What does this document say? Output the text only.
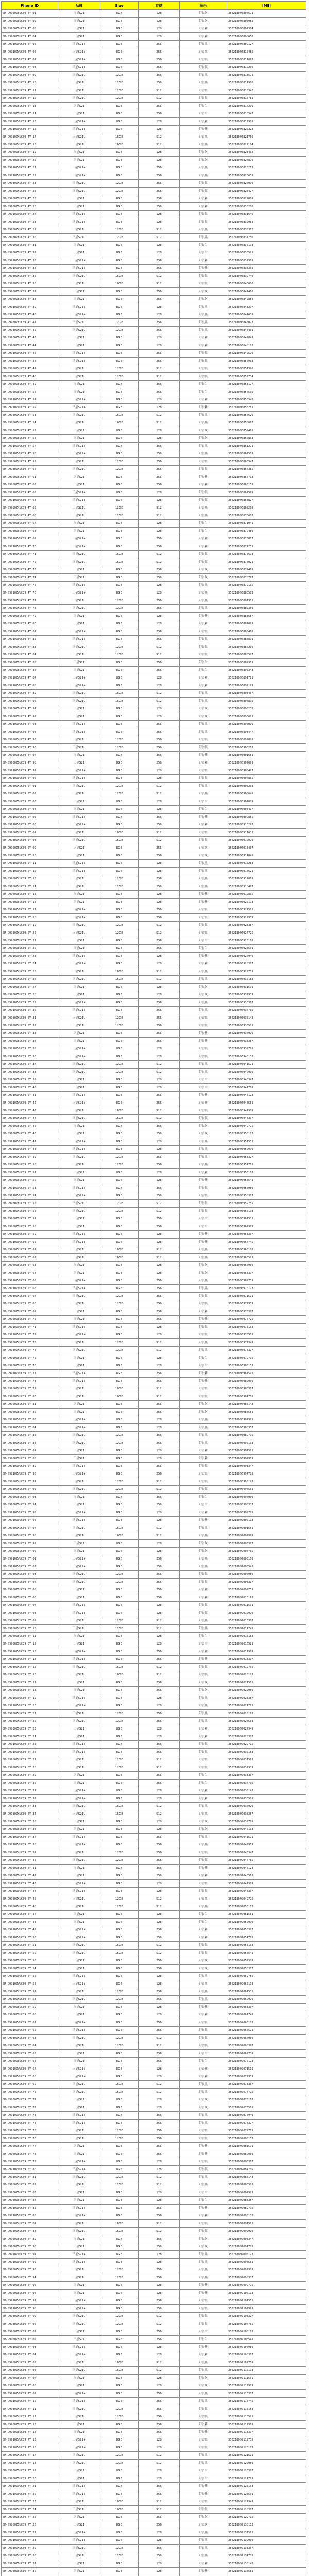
Phone ID	品牌	Size	存储	颜色	IMEI
SM-G9900ZBUCE9 4Y 01	三星S21	8GB	128	幻影灰	356218096804571
SM-G9900ZBUCE9 4Y 02	三星S21	8GB	128	幻影灰	356218096805982
SM-G9900ZBUCE9 4Y 03	三星S21	8GB	128	幻影紫	356218096807314
SM-G9900ZBUCE9 4Y 04	三星S21	8GB	128	幻影紫	356218096808650
SM-G9910ZWUCE9 4Y 05	三星S21+	8GB	256	幻影黑	356218096809127
SM-G9910ZWUCE9 4Y 06	三星S21+	8GB	256	幻影黑	356218096810455
SM-G9910ZWUCE9 4Y 07	三星S21+	8GB	256	幻影银	356218096811893
SM-G9910ZWUCE9 4Y 08	三星S21+	8GB	256	幻影银	356218096812236
SM-G9980ZKUCE9 4Y 09	三星S21U	12GB	256	幻影黑	356218096813574
SM-G9980ZKUCE9 4Y 10	三星S21U	12GB	256	幻影黑	356218096814908
SM-G9980ZKUCE9 4Y 11	三星S21U	12GB	512	幻影银	356218096815342
SM-G9980ZKUCE9 4Y 12	三星S21U	12GB	512	幻影银	356218096816781
SM-G9900ZBUCE9 4Y 13	三星S21	8GB	256	幻影白	356218096817219
SM-G9900ZBUCE9 4Y 14	三星S21	8GB	256	幻影白	356218096818547
SM-G9910ZWUCE9 4Y 15	三星S21+	8GB	128	幻影紫	356218096819985
SM-G9910ZWUCE9 4Y 16	三星S21+	8GB	128	幻影紫	356218096820328
SM-G9980ZKUCE9 4Y 17	三星S21U	16GB	512	幻影黑	356218096821766
SM-G9980ZKUCE9 4Y 18	三星S21U	16GB	512	幻影黑	356218096822104
SM-G9900ZBUCE9 4Y 19	三星S21	8GB	128	幻影灰	356218096823432
SM-G9900ZBUCE9 4Y 20	三星S21	8GB	128	幻影灰	356218096824870
SM-G9910ZWUCE9 4Y 21	三星S21+	8GB	256	幻影黑	356218096825213
SM-G9910ZWUCE9 4Y 22	三星S21+	8GB	256	幻影黑	356218096826651
SM-G9980ZKUCE9 4Y 23	三星S21U	12GB	256	幻影银	356218096827099
SM-G9980ZKUCE9 4Y 24	三星S21U	12GB	256	幻影银	356218096828427
SM-G9900ZBUCE9 4Y 25	三星S21	8GB	256	幻影紫	356218096829865
SM-G9900ZBUCE9 4Y 26	三星S21	8GB	256	幻影紫	356218096830208
SM-G9910ZWUCE9 4Y 27	三星S21+	8GB	128	幻影银	356218096831646
SM-G9910ZWUCE9 4Y 28	三星S21+	8GB	128	幻影银	356218096832984
SM-G9980ZKUCE9 4Y 29	三星S21U	12GB	512	幻影黑	356218096833312
SM-G9980ZKUCE9 4Y 30	三星S21U	12GB	512	幻影黑	356218096834750
SM-G9900ZBUCE9 4Y 31	三星S21	8GB	128	幻影白	356218096835193
SM-G9900ZBUCE9 4Y 32	三星S21	8GB	128	幻影白	356218096836521
SM-G9910ZWUCE9 4Y 33	三星S21+	8GB	256	幻影紫	356218096837969
SM-G9910ZWUCE9 4Y 34	三星S21+	8GB	256	幻影紫	356218096838302
SM-G9980ZKUCE9 4Y 35	三星S21U	16GB	512	幻影银	356218096839740
SM-G9980ZKUCE9 4Y 36	三星S21U	16GB	512	幻影银	356218096840088
SM-G9900ZBUCE9 4Y 37	三星S21	8GB	256	幻影灰	356218096841416
SM-G9900ZBUCE9 4Y 38	三星S21	8GB	256	幻影灰	356218096842854
SM-G9910ZWUCE9 4Y 39	三星S21+	8GB	128	幻影黑	356218096843297
SM-G9910ZWUCE9 4Y 40	三星S21+	8GB	128	幻影黑	356218096844635
SM-G9980ZKUCE9 4Y 41	三星S21U	12GB	256	幻影黑	356218096845073
SM-G9980ZKUCE9 4Y 42	三星S21U	12GB	256	幻影黑	356218096846401
SM-G9900ZBUCE9 4Y 43	三星S21	8GB	128	幻影紫	356218096847849
SM-G9900ZBUCE9 4Y 44	三星S21	8GB	128	幻影紫	356218096848182
SM-G9910ZWUCE9 4Y 45	三星S21+	8GB	256	幻影银	356218096849520
SM-G9910ZWUCE9 4Y 46	三星S21+	8GB	256	幻影银	356218096850968
SM-G9980ZKUCE9 4Y 47	三星S21U	12GB	512	幻影银	356218096851396
SM-G9980ZKUCE9 4Y 48	三星S21U	12GB	512	幻影银	356218096852734
SM-G9900ZBUCE9 4Y 49	三星S21	8GB	256	幻影白	356218096853177
SM-G9900ZBUCE9 4Y 50	三星S21	8GB	256	幻影白	356218096854505
SM-G9910ZWUCE9 4Y 51	三星S21+	8GB	128	幻影紫	356218096855943
SM-G9910ZWUCE9 4Y 52	三星S21+	8GB	128	幻影紫	356218096856281
SM-G9980ZKUCE9 4Y 53	三星S21U	16GB	512	幻影黑	356218096857629
SM-G9980ZKUCE9 4Y 54	三星S21U	16GB	512	幻影黑	356218096858067
SM-G9900ZBUCE9 4Y 55	三星S21	8GB	128	幻影灰	356218096859495
SM-G9900ZBUCE9 4Y 56	三星S21	8GB	128	幻影灰	356218096860833
SM-G9910ZWUCE9 4Y 57	三星S21+	8GB	256	幻影黑	356218096861271
SM-G9910ZWUCE9 4Y 58	三星S21+	8GB	256	幻影黑	356218096862509
SM-G9980ZKUCE9 4Y 59	三星S21U	12GB	256	幻影银	356218096863947
SM-G9980ZKUCE9 4Y 60	三星S21U	12GB	256	幻影银	356218096864385
SM-G9900ZBUCE9 4Y 61	三星S21	8GB	256	幻影紫	356218096865713
SM-G9900ZBUCE9 4Y 62	三星S21	8GB	256	幻影紫	356218096866151
SM-G9910ZWUCE9 4Y 63	三星S21+	8GB	128	幻影银	356218096867599
SM-G9910ZWUCE9 4Y 64	三星S21+	8GB	128	幻影银	356218096868827
SM-G9980ZKUCE9 4Y 65	三星S21U	12GB	512	幻影黑	356218096869265
SM-G9980ZKUCE9 4Y 66	三星S21U	12GB	512	幻影黑	356218096870603
SM-G9900ZBUCE9 4Y 67	三星S21	8GB	128	幻影白	356218096871041
SM-G9900ZBUCE9 4Y 68	三星S21	8GB	128	幻影白	356218096872489
SM-G9910ZWUCE9 4Y 69	三星S21+	8GB	256	幻影紫	356218096873817
SM-G9910ZWUCE9 4Y 70	三星S21+	8GB	256	幻影紫	356218096874255
SM-G9980ZKUCE9 4Y 71	三星S21U	16GB	512	幻影银	356218096875693
SM-G9980ZKUCE9 4Y 72	三星S21U	16GB	512	幻影银	356218096876021
SM-G9900ZBUCE9 4Y 73	三星S21	8GB	256	幻影灰	356218096877469
SM-G9900ZBUCE9 4Y 74	三星S21	8GB	256	幻影灰	356218096878797
SM-G9910ZWUCE9 4Y 75	三星S21+	8GB	128	幻影黑	356218096879135
SM-G9910ZWUCE9 4Y 76	三星S21+	8GB	128	幻影黑	356218096880573
SM-G9980ZKUCE9 4Y 77	三星S21U	12GB	256	幻影黑	356218096881911
SM-G9980ZKUCE9 4Y 78	三星S21U	12GB	256	幻影黑	356218096882359
SM-G9900ZBUCE9 4Y 79	三星S21	8GB	128	幻影紫	356218096883687
SM-G9900ZBUCE9 4Y 80	三星S21	8GB	128	幻影紫	356218096884025
SM-G9910ZWUCE9 4Y 81	三星S21+	8GB	256	幻影银	356218096885463
SM-G9910ZWUCE9 4Y 82	三星S21+	8GB	256	幻影银	356218096886891
SM-G9980ZKUCE9 4Y 83	三星S21U	12GB	512	幻影银	356218096887239
SM-G9980ZKUCE9 4Y 84	三星S21U	12GB	512	幻影银	356218096888577
SM-G9900ZBUCE9 4Y 85	三星S21	8GB	256	幻影白	356218096889915
SM-G9900ZBUCE9 4Y 86	三星S21	8GB	256	幻影白	356218096890343
SM-G9910ZWUCE9 4Y 87	三星S21+	8GB	128	幻影紫	356218096891781
SM-G9910ZWUCE9 4Y 88	三星S21+	8GB	128	幻影紫	356218096892129
SM-G9980ZKUCE9 4Y 89	三星S21U	16GB	512	幻影黑	356218096893467
SM-G9980ZKUCE9 4Y 90	三星S21U	16GB	512	幻影黑	356218096894895
SM-G9900ZBUCE9 4Y 91	三星S21	8GB	128	幻影灰	356218096895233
SM-G9900ZBUCE9 4Y 92	三星S21	8GB	128	幻影灰	356218096896671
SM-G9910ZWUCE9 4Y 93	三星S21+	8GB	256	幻影黑	356218096897019
SM-G9910ZWUCE9 4Y 94	三星S21+	8GB	256	幻影黑	356218096898447
SM-G9980ZKUCE9 4Y 95	三星S21U	12GB	256	幻影银	356218096899885
SM-G9980ZKUCE9 4Y 96	三星S21U	12GB	256	幻影银	356218096900213
SM-G9900ZBUCE9 4Y 97	三星S21	8GB	256	幻影紫	356218096901651
SM-G9900ZBUCE9 4Y 98	三星S21	8GB	256	幻影紫	356218096902099
SM-G9910ZWUCE9 4Y 99	三星S21+	8GB	128	幻影银	356218096903427
SM-G9910ZWUCE9 5Y 00	三星S21+	8GB	128	幻影银	356218096904865
SM-G9980ZKUCE9 5Y 01	三星S21U	12GB	512	幻影黑	356218096905203
SM-G9980ZKUCE9 5Y 02	三星S21U	12GB	512	幻影黑	356218096906641
SM-G9900ZBUCE9 5Y 03	三星S21	8GB	128	幻影白	356218096907089
SM-G9900ZBUCE9 5Y 04	三星S21	8GB	128	幻影白	356218096908417
SM-G9910ZWUCE9 5Y 05	三星S21+	8GB	256	幻影紫	356218096909855
SM-G9910ZWUCE9 5Y 06	三星S21+	8GB	256	幻影紫	356218096910293
SM-G9980ZKUCE9 5Y 07	三星S21U	16GB	512	幻影银	356218096911631
SM-G9980ZKUCE9 5Y 08	三星S21U	16GB	512	幻影银	356218096912079
SM-G9900ZBUCE9 5Y 09	三星S21	8GB	256	幻影灰	356218096913407
SM-G9900ZBUCE9 5Y 10	三星S21	8GB	256	幻影灰	356218096914845
SM-G9910ZWUCE9 5Y 11	三星S21+	8GB	128	幻影黑	356218096915283
SM-G9910ZWUCE9 5Y 12	三星S21+	8GB	128	幻影黑	356218096916621
SM-G9980ZKUCE9 5Y 13	三星S21U	12GB	256	幻影黑	356218096917069
SM-G9980ZKUCE9 5Y 14	三星S21U	12GB	256	幻影黑	356218096918497
SM-G9900ZBUCE9 5Y 15	三星S21	8GB	128	幻影紫	356218096919835
SM-G9900ZBUCE9 5Y 16	三星S21	8GB	128	幻影紫	356218096920173
SM-G9910ZWUCE9 5Y 17	三星S21+	8GB	256	幻影银	356218096921511
SM-G9910ZWUCE9 5Y 18	三星S21+	8GB	256	幻影银	356218096922959
SM-G9980ZKUCE9 5Y 19	三星S21U	12GB	512	幻影银	356218096923387
SM-G9980ZKUCE9 5Y 20	三星S21U	12GB	512	幻影银	356218096924725
SM-G9900ZBUCE9 5Y 21	三星S21	8GB	256	幻影白	356218096925163
SM-G9900ZBUCE9 5Y 22	三星S21	8GB	256	幻影白	356218096926501
SM-G9910ZWUCE9 5Y 23	三星S21+	8GB	128	幻影紫	356218096927949
SM-G9910ZWUCE9 5Y 24	三星S21+	8GB	128	幻影紫	356218096928377
SM-G9980ZKUCE9 5Y 25	三星S21U	16GB	512	幻影黑	356218096929715
SM-G9980ZKUCE9 5Y 26	三星S21U	16GB	512	幻影黑	356218096930153
SM-G9900ZBUCE9 5Y 27	三星S21	8GB	128	幻影灰	356218096931591
SM-G9900ZBUCE9 5Y 28	三星S21	8GB	128	幻影灰	356218096932939
SM-G9910ZWUCE9 5Y 29	三星S21+	8GB	256	幻影黑	356218096933367
SM-G9910ZWUCE9 5Y 30	三星S21+	8GB	256	幻影黑	356218096934705
SM-G9980ZKUCE9 5Y 31	三星S21U	12GB	256	幻影银	356218096935143
SM-G9980ZKUCE9 5Y 32	三星S21U	12GB	256	幻影银	356218096936581
SM-G9900ZBUCE9 5Y 33	三星S21	8GB	256	幻影紫	356218096937929
SM-G9900ZBUCE9 5Y 34	三星S21	8GB	256	幻影紫	356218096938357
SM-G9910ZWUCE9 5Y 35	三星S21+	8GB	128	幻影银	356218096939795
SM-G9910ZWUCE9 5Y 36	三星S21+	8GB	128	幻影银	356218096940133
SM-G9980ZKUCE9 5Y 37	三星S21U	12GB	512	幻影黑	356218096941571
SM-G9980ZKUCE9 5Y 38	三星S21U	12GB	512	幻影黑	356218096942919
SM-G9900ZBUCE9 5Y 39	三星S21	8GB	128	幻影白	356218096943347
SM-G9900ZBUCE9 5Y 40	三星S21	8GB	128	幻影白	356218096944785
SM-G9910ZWUCE9 5Y 41	三星S21+	8GB	256	幻影紫	356218096945123
SM-G9910ZWUCE9 5Y 42	三星S21+	8GB	256	幻影紫	356218096946561
SM-G9980ZKUCE9 5Y 43	三星S21U	16GB	512	幻影银	356218096947909
SM-G9980ZKUCE9 5Y 44	三星S21U	16GB	512	幻影银	356218096948337
SM-G9900ZBUCE9 5Y 45	三星S21	8GB	256	幻影灰	356218096949775
SM-G9900ZBUCE9 5Y 46	三星S21	8GB	256	幻影灰	356218096950113
SM-G9910ZWUCE9 5Y 47	三星S21+	8GB	128	幻影黑	356218096951551
SM-G9910ZWUCE9 5Y 48	三星S21+	8GB	128	幻影黑	356218096952999
SM-G9980ZKUCE9 5Y 49	三星S21U	12GB	256	幻影黑	356218096953327
SM-G9980ZKUCE9 5Y 50	三星S21U	12GB	256	幻影黑	356218096954765
SM-G9900ZBUCE9 5Y 51	三星S21	8GB	128	幻影紫	356218096955103
SM-G9900ZBUCE9 5Y 52	三星S21	8GB	128	幻影紫	356218096956541
SM-G9910ZWUCE9 5Y 53	三星S21+	8GB	256	幻影银	356218096957989
SM-G9910ZWUCE9 5Y 54	三星S21+	8GB	256	幻影银	356218096958317
SM-G9980ZKUCE9 5Y 55	三星S21U	12GB	512	幻影银	356218096959755
SM-G9980ZKUCE9 5Y 56	三星S21U	12GB	512	幻影银	356218096960193
SM-G9900ZBUCE9 5Y 57	三星S21	8GB	256	幻影白	356218096961531
SM-G9900ZBUCE9 5Y 58	三星S21	8GB	256	幻影白	356218096962979
SM-G9910ZWUCE9 5Y 59	三星S21+	8GB	128	幻影紫	356218096963307
SM-G9910ZWUCE9 5Y 60	三星S21+	8GB	128	幻影紫	356218096964745
SM-G9980ZKUCE9 5Y 61	三星S21U	16GB	512	幻影黑	356218096965183
SM-G9980ZKUCE9 5Y 62	三星S21U	16GB	512	幻影黑	356218096966521
SM-G9900ZBUCE9 5Y 63	三星S21	8GB	128	幻影灰	356218096967969
SM-G9900ZBUCE9 5Y 64	三星S21	8GB	128	幻影灰	356218096968397
SM-G9910ZWUCE9 5Y 65	三星S21+	8GB	256	幻影黑	356218096969735
SM-G9910ZWUCE9 5Y 66	三星S21+	8GB	256	幻影黑	356218096970173
SM-G9980ZKUCE9 5Y 67	三星S21U	12GB	256	幻影银	356218096971511
SM-G9980ZKUCE9 5Y 68	三星S21U	12GB	256	幻影银	356218096972959
SM-G9900ZBUCE9 5Y 69	三星S21	8GB	256	幻影紫	356218096973387
SM-G9900ZBUCE9 5Y 70	三星S21	8GB	256	幻影紫	356218096974725
SM-G9910ZWUCE9 5Y 71	三星S21+	8GB	128	幻影银	356218096975163
SM-G9910ZWUCE9 5Y 72	三星S21+	8GB	128	幻影银	356218096976501
SM-G9980ZKUCE9 5Y 73	三星S21U	12GB	512	幻影黑	356218096977949
SM-G9980ZKUCE9 5Y 74	三星S21U	12GB	512	幻影黑	356218096978377
SM-G9900ZBUCE9 5Y 75	三星S21	8GB	128	幻影白	356218096979715
SM-G9900ZBUCE9 5Y 76	三星S21	8GB	128	幻影白	356218096980153
SM-G9910ZWUCE9 5Y 77	三星S21+	8GB	256	幻影紫	356218096981591
SM-G9910ZWUCE9 5Y 78	三星S21+	8GB	256	幻影紫	356218096982939
SM-G9980ZKUCE9 5Y 79	三星S21U	16GB	512	幻影银	356218096983367
SM-G9980ZKUCE9 5Y 80	三星S21U	16GB	512	幻影银	356218096984705
SM-G9900ZBUCE9 5Y 81	三星S21	8GB	256	幻影灰	356218096985143
SM-G9900ZBUCE9 5Y 82	三星S21	8GB	256	幻影灰	356218096986581
SM-G9910ZWUCE9 5Y 83	三星S21+	8GB	128	幻影黑	356218096987929
SM-G9910ZWUCE9 5Y 84	三星S21+	8GB	128	幻影黑	356218096988357
SM-G9980ZKUCE9 5Y 85	三星S21U	12GB	256	幻影黑	356218096989795
SM-G9980ZKUCE9 5Y 86	三星S21U	12GB	256	幻影黑	356218096990133
SM-G9900ZBUCE9 5Y 87	三星S21	8GB	128	幻影紫	356218096991571
SM-G9900ZBUCE9 5Y 88	三星S21	8GB	128	幻影紫	356218096992919
SM-G9910ZWUCE9 5Y 89	三星S21+	8GB	256	幻影银	356218096993347
SM-G9910ZWUCE9 5Y 90	三星S21+	8GB	256	幻影银	356218096994785
SM-G9980ZKUCE9 5Y 91	三星S21U	12GB	512	幻影银	356218096995123
SM-G9980ZKUCE9 5Y 92	三星S21U	12GB	512	幻影银	356218096996561
SM-G9900ZBUCE9 5Y 93	三星S21	8GB	256	幻影白	356218096997909
SM-G9900ZBUCE9 5Y 94	三星S21	8GB	256	幻影白	356218096998337
SM-G9910ZWUCE9 5Y 95	三星S21+	8GB	128	幻影紫	356218096999775
SM-G9910ZWUCE9 5Y 96	三星S21+	8GB	128	幻影紫	356218097000113
SM-G9980ZKUCE9 5Y 97	三星S21U	16GB	512	幻影黑	356218097001551
SM-G9980ZKUCE9 5Y 98	三星S21U	16GB	512	幻影黑	356218097002999
SM-G9900ZBUCE9 5Y 99	三星S21	8GB	128	幻影灰	356218097003327
SM-G9900ZBUCE9 6Y 00	三星S21	8GB	128	幻影灰	356218097004765
SM-G9910ZWUCE9 6Y 01	三星S21+	8GB	256	幻影黑	356218097005103
SM-G9910ZWUCE9 6Y 02	三星S21+	8GB	256	幻影黑	356218097006541
SM-G9980ZKUCE9 6Y 03	三星S21U	12GB	256	幻影银	356218097007989
SM-G9980ZKUCE9 6Y 04	三星S21U	12GB	256	幻影银	356218097008317
SM-G9900ZBUCE9 6Y 05	三星S21	8GB	256	幻影紫	356218097009755
SM-G9900ZBUCE9 6Y 06	三星S21	8GB	256	幻影紫	356218097010193
SM-G9910ZWUCE9 6Y 07	三星S21+	8GB	128	幻影银	356218097011531
SM-G9910ZWUCE9 6Y 08	三星S21+	8GB	128	幻影银	356218097012979
SM-G9980ZKUCE9 6Y 09	三星S21U	12GB	512	幻影黑	356218097013307
SM-G9980ZKUCE9 6Y 10	三星S21U	12GB	512	幻影黑	356218097014745
SM-G9900ZBUCE9 6Y 11	三星S21	8GB	128	幻影白	356218097015183
SM-G9900ZBUCE9 6Y 12	三星S21	8GB	128	幻影白	356218097016521
SM-G9910ZWUCE9 6Y 13	三星S21+	8GB	256	幻影紫	356218097017969
SM-G9910ZWUCE9 6Y 14	三星S21+	8GB	256	幻影紫	356218097018397
SM-G9980ZKUCE9 6Y 15	三星S21U	16GB	512	幻影银	356218097019735
SM-G9980ZKUCE9 6Y 16	三星S21U	16GB	512	幻影银	356218097020173
SM-G9900ZBUCE9 6Y 17	三星S21	8GB	256	幻影灰	356218097021511
SM-G9900ZBUCE9 6Y 18	三星S21	8GB	256	幻影灰	356218097022959
SM-G9910ZWUCE9 6Y 19	三星S21+	8GB	128	幻影黑	356218097023387
SM-G9910ZWUCE9 6Y 20	三星S21+	8GB	128	幻影黑	356218097024725
SM-G9980ZKUCE9 6Y 21	三星S21U	12GB	256	幻影黑	356218097025163
SM-G9980ZKUCE9 6Y 22	三星S21U	12GB	256	幻影黑	356218097026501
SM-G9900ZBUCE9 6Y 23	三星S21	8GB	128	幻影紫	356218097027949
SM-G9900ZBUCE9 6Y 24	三星S21	8GB	128	幻影紫	356218097028377
SM-G9910ZWUCE9 6Y 25	三星S21+	8GB	256	幻影银	356218097029715
SM-G9910ZWUCE9 6Y 26	三星S21+	8GB	256	幻影银	356218097030153
SM-G9980ZKUCE9 6Y 27	三星S21U	12GB	512	幻影银	356218097031591
SM-G9980ZKUCE9 6Y 28	三星S21U	12GB	512	幻影银	356218097032939
SM-G9900ZBUCE9 6Y 29	三星S21	8GB	256	幻影白	356218097033367
SM-G9900ZBUCE9 6Y 30	三星S21	8GB	256	幻影白	356218097034705
SM-G9910ZWUCE9 6Y 31	三星S21+	8GB	128	幻影紫	356218097035143
SM-G9910ZWUCE9 6Y 32	三星S21+	8GB	128	幻影紫	356218097036581
SM-G9980ZKUCE9 6Y 33	三星S21U	16GB	512	幻影黑	356218097037929
SM-G9980ZKUCE9 6Y 34	三星S21U	16GB	512	幻影黑	356218097038357
SM-G9900ZBUCE9 6Y 35	三星S21	8GB	128	幻影灰	356218097039795
SM-G9900ZBUCE9 6Y 36	三星S21	8GB	128	幻影灰	356218097040133
SM-G9910ZWUCE9 6Y 37	三星S21+	8GB	256	幻影黑	356218097041571
SM-G9910ZWUCE9 6Y 38	三星S21+	8GB	256	幻影黑	356218097042919
SM-G9980ZKUCE9 6Y 39	三星S21U	12GB	256	幻影银	356218097043347
SM-G9980ZKUCE9 6Y 40	三星S21U	12GB	256	幻影银	356218097044785
SM-G9900ZBUCE9 6Y 41	三星S21	8GB	256	幻影紫	356218097045123
SM-G9900ZBUCE9 6Y 42	三星S21	8GB	256	幻影紫	356218097046561
SM-G9910ZWUCE9 6Y 43	三星S21+	8GB	128	幻影银	356218097047909
SM-G9910ZWUCE9 6Y 44	三星S21+	8GB	128	幻影银	356218097048337
SM-G9980ZKUCE9 6Y 45	三星S21U	12GB	512	幻影黑	356218097049775
SM-G9980ZKUCE9 6Y 46	三星S21U	12GB	512	幻影黑	356218097050113
SM-G9900ZBUCE9 6Y 47	三星S21	8GB	128	幻影白	356218097051551
SM-G9900ZBUCE9 6Y 48	三星S21	8GB	128	幻影白	356218097052999
SM-G9910ZWUCE9 6Y 49	三星S21+	8GB	256	幻影紫	356218097053327
SM-G9910ZWUCE9 6Y 50	三星S21+	8GB	256	幻影紫	356218097054765
SM-G9980ZKUCE9 6Y 51	三星S21U	16GB	512	幻影银	356218097055103
SM-G9980ZKUCE9 6Y 52	三星S21U	16GB	512	幻影银	356218097056541
SM-G9900ZBUCE9 6Y 53	三星S21	8GB	256	幻影灰	356218097057989
SM-G9900ZBUCE9 6Y 54	三星S21	8GB	256	幻影灰	356218097058317
SM-G9910ZWUCE9 6Y 55	三星S21+	8GB	128	幻影黑	356218097059755
SM-G9910ZWUCE9 6Y 56	三星S21+	8GB	128	幻影黑	356218097060193
SM-G9980ZKUCE9 6Y 57	三星S21U	12GB	256	幻影黑	356218097061531
SM-G9980ZKUCE9 6Y 58	三星S21U	12GB	256	幻影黑	356218097062979
SM-G9900ZBUCE9 6Y 59	三星S21	8GB	128	幻影紫	356218097063307
SM-G9900ZBUCE9 6Y 60	三星S21	8GB	128	幻影紫	356218097064745
SM-G9910ZWUCE9 6Y 61	三星S21+	8GB	256	幻影银	356218097065183
SM-G9910ZWUCE9 6Y 62	三星S21+	8GB	256	幻影银	356218097066521
SM-G9980ZKUCE9 6Y 63	三星S21U	12GB	512	幻影银	356218097067969
SM-G9980ZKUCE9 6Y 64	三星S21U	12GB	512	幻影银	356218097068397
SM-G9900ZBUCE9 6Y 65	三星S21	8GB	256	幻影白	356218097069735
SM-G9900ZBUCE9 6Y 66	三星S21	8GB	256	幻影白	356218097070173
SM-G9910ZWUCE9 6Y 67	三星S21+	8GB	128	幻影紫	356218097071511
SM-G9910ZWUCE9 6Y 68	三星S21+	8GB	128	幻影紫	356218097072959
SM-G9980ZKUCE9 6Y 69	三星S21U	16GB	512	幻影黑	356218097073387
SM-G9980ZKUCE9 6Y 70	三星S21U	16GB	512	幻影黑	356218097074725
SM-G9900ZBUCE9 6Y 71	三星S21	8GB	128	幻影灰	356218097075163
SM-G9900ZBUCE9 6Y 72	三星S21	8GB	128	幻影灰	356218097076501
SM-G9910ZWUCE9 6Y 73	三星S21+	8GB	256	幻影黑	356218097077949
SM-G9910ZWUCE9 6Y 74	三星S21+	8GB	256	幻影黑	356218097078377
SM-G9980ZKUCE9 6Y 75	三星S21U	12GB	256	幻影银	356218097079715
SM-G9980ZKUCE9 6Y 76	三星S21U	12GB	256	幻影银	356218097080153
SM-G9900ZBUCE9 6Y 77	三星S21	8GB	256	幻影紫	356218097081591
SM-G9900ZBUCE9 6Y 78	三星S21	8GB	256	幻影紫	356218097082939
SM-G9910ZWUCE9 6Y 79	三星S21+	8GB	128	幻影银	356218097083367
SM-G9910ZWUCE9 6Y 80	三星S21+	8GB	128	幻影银	356218097084705
SM-G9980ZKUCE9 6Y 81	三星S21U	12GB	512	幻影黑	356218097085143
SM-G9980ZKUCE9 6Y 82	三星S21U	12GB	512	幻影黑	356218097086581
SM-G9900ZBUCE9 6Y 83	三星S21	8GB	128	幻影白	356218097087929
SM-G9900ZBUCE9 6Y 84	三星S21	8GB	128	幻影白	356218097088357
SM-G9910ZWUCE9 6Y 85	三星S21+	8GB	256	幻影紫	356218097089795
SM-G9910ZWUCE9 6Y 86	三星S21+	8GB	256	幻影紫	356218097090133
SM-G9980ZKUCE9 6Y 87	三星S21U	16GB	512	幻影银	356218097091571
SM-G9980ZKUCE9 6Y 88	三星S21U	16GB	512	幻影银	356218097092919
SM-G9900ZBUCE9 6Y 89	三星S21	8GB	256	幻影灰	356218097093347
SM-G9900ZBUCE9 6Y 90	三星S21	8GB	256	幻影灰	356218097094785
SM-G9910ZWUCE9 6Y 91	三星S21+	8GB	128	幻影黑	356218097095123
SM-G9910ZWUCE9 6Y 92	三星S21+	8GB	128	幻影黑	356218097096561
SM-G9980ZKUCE9 6Y 93	三星S21U	12GB	256	幻影黑	356218097097909
SM-G9980ZKUCE9 6Y 94	三星S21U	12GB	256	幻影黑	356218097098337
SM-G9900ZBUCE9 6Y 95	三星S21	8GB	128	幻影紫	356218097099775
SM-G9900ZBUCE9 6Y 96	三星S21	8GB	128	幻影紫	356218097100113
SM-G9910ZWUCE9 6Y 97	三星S21+	8GB	256	幻影银	356218097101551
SM-G9910ZWUCE9 6Y 98	三星S21+	8GB	256	幻影银	356218097102999
SM-G9980ZKUCE9 6Y 99	三星S21U	12GB	512	幻影银	356218097103327
SM-G9980ZKUCE9 7Y 00	三星S21U	12GB	512	幻影银	356218097104765
SM-G9900ZBUCE9 7Y 01	三星S21	8GB	256	幻影白	356218097105103
SM-G9900ZBUCE9 7Y 02	三星S21	8GB	256	幻影白	356218097106541
SM-G9910ZWUCE9 7Y 03	三星S21+	8GB	128	幻影紫	356218097107989
SM-G9910ZWUCE9 7Y 04	三星S21+	8GB	128	幻影紫	356218097108317
SM-G9980ZKUCE9 7Y 05	三星S21U	16GB	512	幻影黑	356218097109755
SM-G9980ZKUCE9 7Y 06	三星S21U	16GB	512	幻影黑	356218097110193
SM-G9900ZBUCE9 7Y 07	三星S21	8GB	128	幻影灰	356218097111531
SM-G9900ZBUCE9 7Y 08	三星S21	8GB	128	幻影灰	356218097112979
SM-G9910ZWUCE9 7Y 09	三星S21+	8GB	256	幻影黑	356218097113307
SM-G9910ZWUCE9 7Y 10	三星S21+	8GB	256	幻影黑	356218097114745
SM-G9980ZKUCE9 7Y 11	三星S21U	12GB	256	幻影银	356218097115183
SM-G9980ZKUCE9 7Y 12	三星S21U	12GB	256	幻影银	356218097116521
SM-G9900ZBUCE9 7Y 13	三星S21	8GB	256	幻影紫	356218097117969
SM-G9900ZBUCE9 7Y 14	三星S21	8GB	256	幻影紫	356218097118397
SM-G9910ZWUCE9 7Y 15	三星S21+	8GB	128	幻影银	356218097119735
SM-G9910ZWUCE9 7Y 16	三星S21+	8GB	128	幻影银	356218097120173
SM-G9980ZKUCE9 7Y 17	三星S21U	12GB	512	幻影黑	356218097121511
SM-G9980ZKUCE9 7Y 18	三星S21U	12GB	512	幻影黑	356218097122959
SM-G9900ZBUCE9 7Y 19	三星S21	8GB	128	幻影白	356218097123387
SM-G9900ZBUCE9 7Y 20	三星S21	8GB	128	幻影白	356218097124725
SM-G9910ZWUCE9 7Y 21	三星S21+	8GB	256	幻影紫	356218097125163
SM-G9910ZWUCE9 7Y 22	三星S21+	8GB	256	幻影紫	356218097126501
SM-G9980ZKUCE9 7Y 23	三星S21U	16GB	512	幻影银	356218097127949
SM-G9980ZKUCE9 7Y 24	三星S21U	16GB	512	幻影银	356218097128377
SM-G9900ZBUCE9 7Y 25	三星S21	8GB	256	幻影灰	356218097129715
SM-G9900ZBUCE9 7Y 26	三星S21	8GB	256	幻影灰	356218097130153
SM-G9910ZWUCE9 7Y 27	三星S21+	8GB	128	幻影黑	356218097131591
SM-G9910ZWUCE9 7Y 28	三星S21+	8GB	128	幻影黑	356218097132939
SM-G9980ZKUCE9 7Y 29	三星S21U	12GB	256	幻影黑	356218097133367
SM-G9980ZKUCE9 7Y 30	三星S21U	12GB	256	幻影黑	356218097134705
SM-G9900ZBUCE9 7Y 31	三星S21	8GB	128	幻影紫	356218097135143
SM-G9900ZBUCE9 7Y 32	三星S21	8GB	128	幻影紫	356218097136581
